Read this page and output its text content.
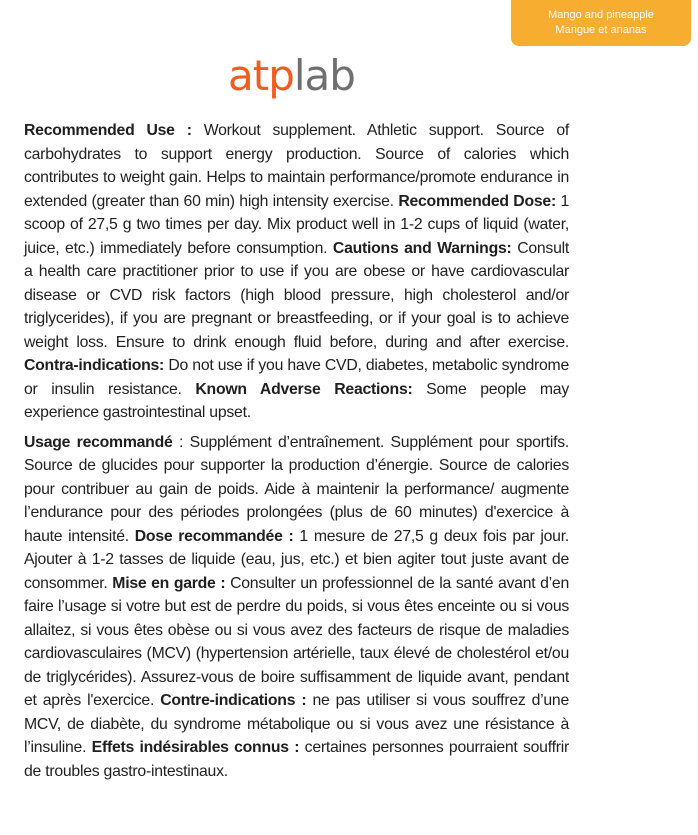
Mango and pineapple
Mangue et ananas
atplab

Recommended Use : Workout supplement. Athletic support. Source of carbohydrates to support energy production. Source of calories which contributes to weight gain. Helps to maintain performance/promote endurance in extended (greater than 60 min) high intensity exercise. Recommended Dose: 1 scoop of 27,5 g two times per day. Mix product well in 1-2 cups of liquid (water, juice, etc.) immediately before consumption. Cautions and Warnings: Consult a health care practitioner prior to use if you are obese or have cardiovascular disease or CVD risk factors (high blood pressure, high cholesterol and/or triglycerides), if you are pregnant or breastfeeding, or if your goal is to achieve weight loss. Ensure to drink enough fluid before, during and after exercise. Contra-indications: Do not use if you have CVD, diabetes, metabolic syndrome or insulin resistance. Known Adverse Reactions: Some people may experience gastrointestinal upset.

Usage recommandé : Supplément d’entraînement. Supplément pour sportifs. Source de glucides pour supporter la production d’énergie. Source de calories pour contribuer au gain de poids. Aide à maintenir la performance/ augmente l’endurance pour des périodes prolongées (plus de 60 minutes) d'exercice à haute intensité. Dose recommandée : 1 mesure de 27,5 g deux fois par jour. Ajouter à 1-2 tasses de liquide (eau, jus, etc.) et bien agiter tout juste avant de consommer. Mise en garde : Consulter un professionnel de la santé avant d’en faire l’usage si votre but est de perdre du poids, si vous êtes enceinte ou si vous allaitez, si vous êtes obèse ou si vous avez des facteurs de risque de maladies cardiovasculaires (MCV) (hypertension artérielle, taux élevé de cholestérol et/ou de triglycérides). Assurez-vous de boire suffisamment de liquide avant, pendant et après l'exercice. Contre-indications : ne pas utiliser si vous souffrez d’une MCV, de diabète, du syndrome métabolique ou si vous avez une résistance à l’insuline. Effets indésirables connus : certaines personnes pourraient souffrir de troubles gastro-intestinaux.
